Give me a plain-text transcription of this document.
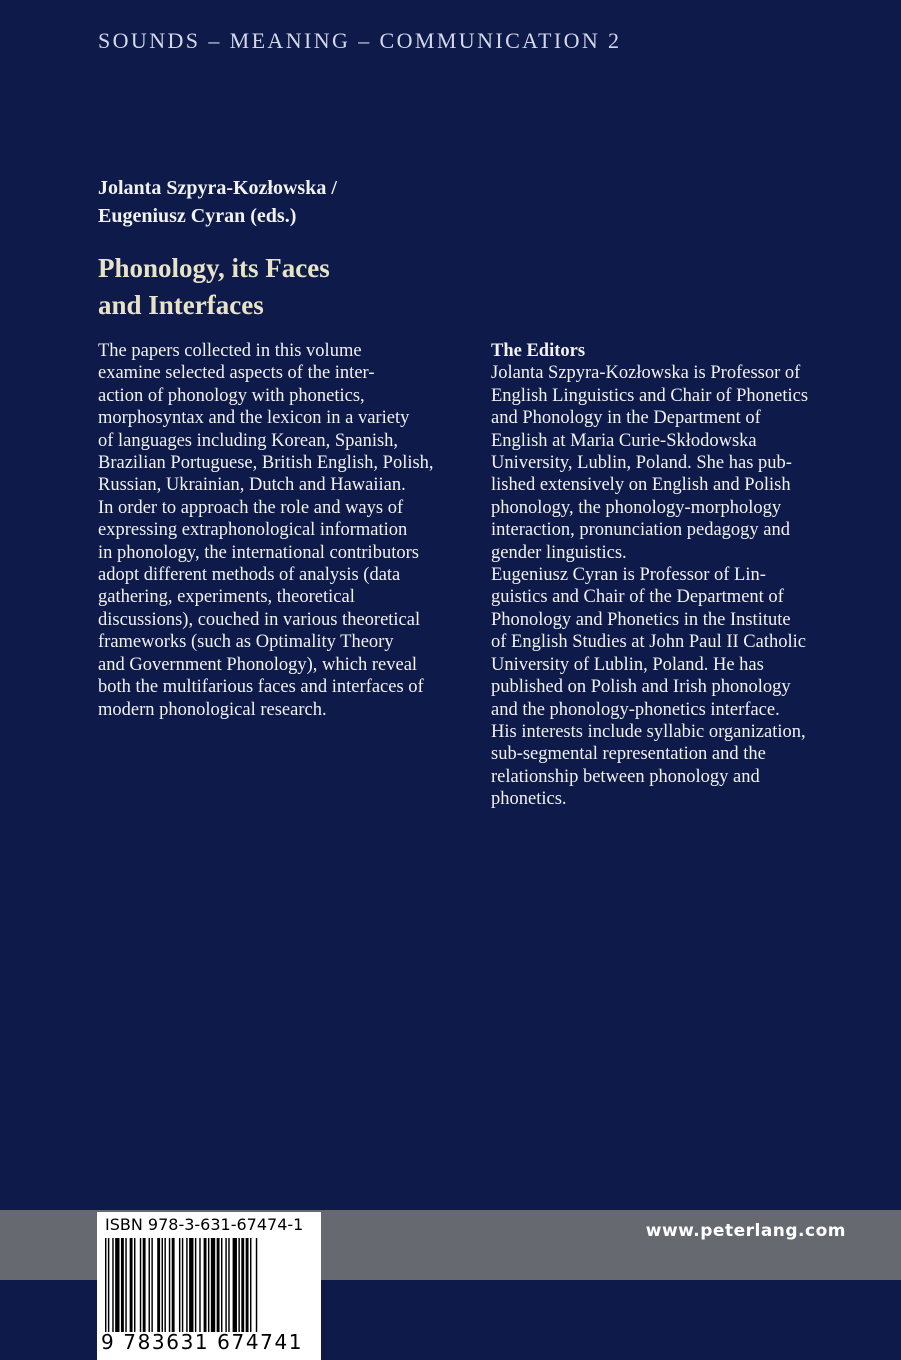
SOUNDS – MEANING – COMMUNICATION 2
Jolanta Szpyra-Kozłowska /
Eugeniusz Cyran (eds.)
Phonology, its Faces
and Interfaces
The papers collected in this volume
examine selected aspects of the inter-
action of phonology with phonetics,
morphosyntax and the lexicon in a variety
of languages including Korean, Spanish,
Brazilian Portuguese, British English, Polish,
Russian, Ukrainian, Dutch and Hawaiian.
In order to approach the role and ways of
expressing extraphonological information
in phonology, the international contributors
adopt different methods of analysis (data
gathering, experiments, theoretical
discussions), couched in various theoretical
frameworks (such as Optimality Theory
and Government Phonology), which reveal
both the multifarious faces and interfaces of
modern phonological research.
The Editors
Jolanta Szpyra-Kozłowska is Professor of
English Linguistics and Chair of Phonetics
and Phonology in the Department of
English at Maria Curie-Skłodowska
University, Lublin, Poland. She has pub-
lished extensively on English and Polish
phonology, the phonology-morphology
interaction, pronunciation pedagogy and
gender linguistics.
Eugeniusz Cyran is Professor of Lin-
guistics and Chair of the Department of
Phonology and Phonetics in the Institute
of English Studies at John Paul II Catholic
University of Lublin, Poland. He has
published on Polish and Irish phonology
and the phonology-phonetics interface.
His interests include syllabic organization,
sub-segmental representation and the
relationship between phonology and
phonetics.
www.peterlang.com
ISBN 978-3-631-67474-1
9 783631 674741
